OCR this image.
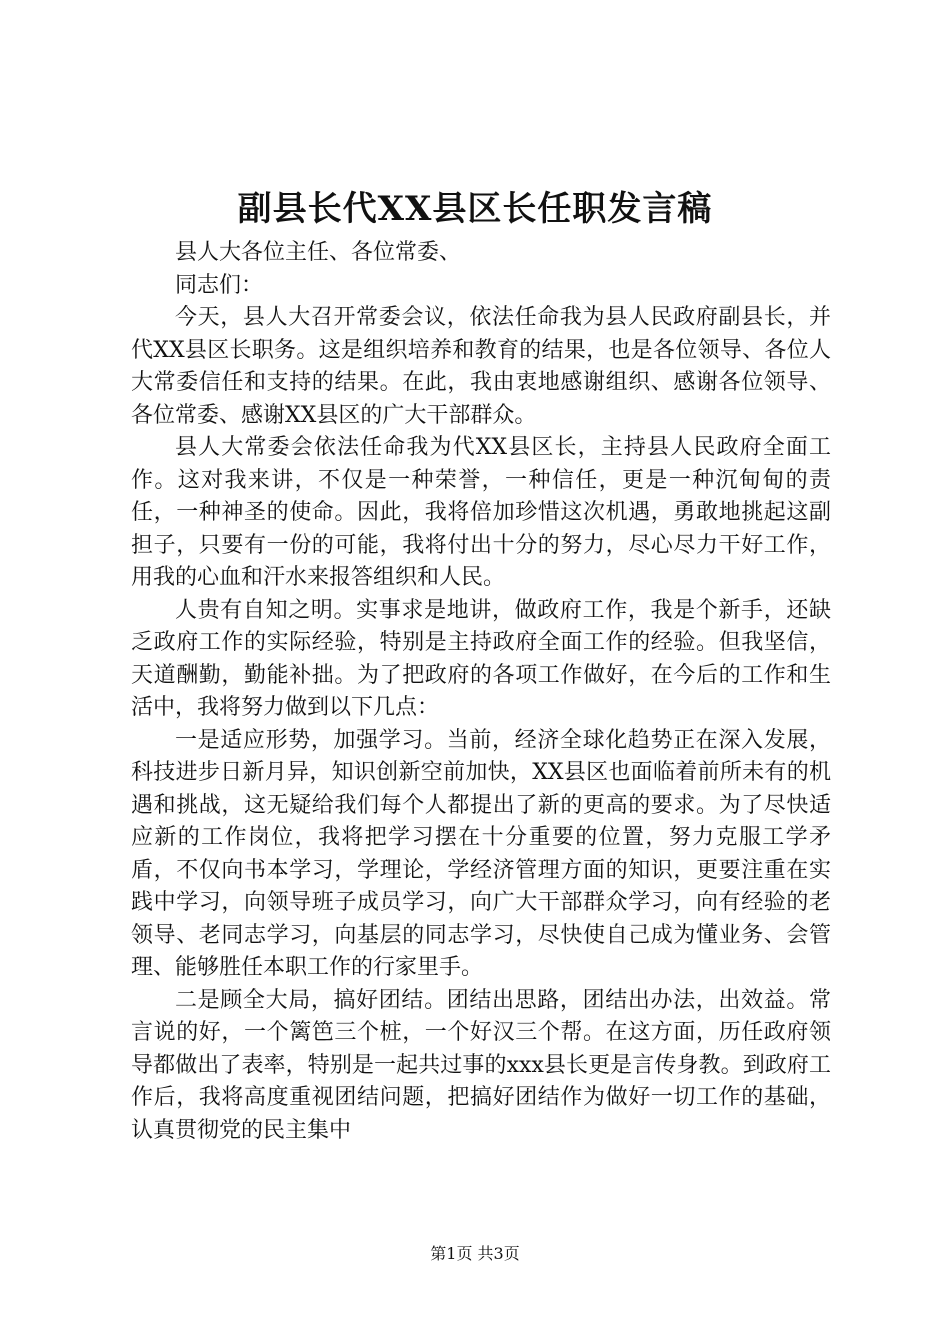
副县长代XX县区长任职发言稿

县人大各位主任、各位常委、

同志们：

今天，县人大召开常委会议，依法任命我为县人民政府副县长，并代XX县区长职务。这是组织培养和教育的结果，也是各位领导、各位人大常委信任和支持的结果。在此，我由衷地感谢组织、感谢各位领导、各位常委、感谢XX县区的广大干部群众。

县人大常委会依法任命我为代XX县区长，主持县人民政府全面工作。这对我来讲，不仅是一种荣誉，一种信任，更是一种沉甸甸的责任，一种神圣的使命。因此，我将倍加珍惜这次机遇，勇敢地挑起这副担子，只要有一份的可能，我将付出十分的努力，尽心尽力干好工作，用我的心血和汗水来报答组织和人民。

人贵有自知之明。实事求是地讲，做政府工作，我是个新手，还缺乏政府工作的实际经验，特别是主持政府全面工作的经验。但我坚信，天道酬勤，勤能补拙。为了把政府的各项工作做好，在今后的工作和生活中，我将努力做到以下几点：

一是适应形势，加强学习。当前，经济全球化趋势正在深入发展，科技进步日新月异，知识创新空前加快，XX县区也面临着前所未有的机遇和挑战，这无疑给我们每个人都提出了新的更高的要求。为了尽快适应新的工作岗位，我将把学习摆在十分重要的位置，努力克服工学矛盾，不仅向书本学习，学理论，学经济管理方面的知识，更要注重在实践中学习，向领导班子成员学习，向广大干部群众学习，向有经验的老领导、老同志学习，向基层的同志学习，尽快使自己成为懂业务、会管理、能够胜任本职工作的行家里手。

二是顾全大局，搞好团结。团结出思路，团结出办法，出效益。常言说的好，一个篱笆三个桩，一个好汉三个帮。在这方面，历任政府领导都做出了表率，特别是一起共过事的xxx县长更是言传身教。到政府工作后，我将高度重视团结问题，把搞好团结作为做好一切工作的基础，认真贯彻党的民主集中

第1页 共3页
